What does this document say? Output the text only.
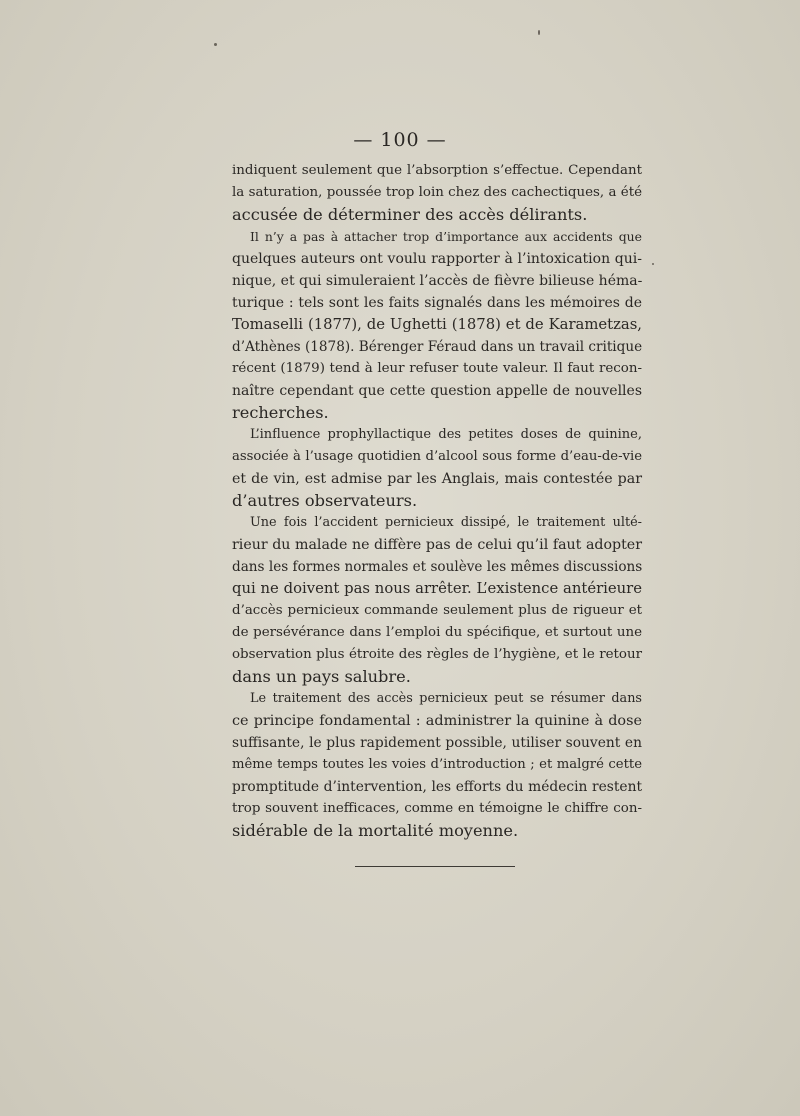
— 100 —
indiquent seulement que l’absorption s’effectue. Cependant
la saturation, poussée trop loin chez des cachectiques, a été
accusée de déterminer des accès délirants.
Il n’y a pas à attacher trop d’importance aux accidents que
quelques auteurs ont voulu rapporter à l’intoxication qui-
nique, et qui simuleraient l’accès de fièvre bilieuse héma-
turique : tels sont les faits signalés dans les mémoires de
Tomaselli (1877), de Ughetti (1878) et de Karametzas,
d’Athènes (1878). Bérenger Féraud dans un travail critique
récent (1879) tend à leur refuser toute valeur. Il faut recon-
naître cependant que cette question appelle de nouvelles
recherches.
L’influence prophyllactique des petites doses de quinine,
associée à l’usage quotidien d’alcool sous forme d’eau-de-vie
et de vin, est admise par les Anglais, mais contestée par
d’autres observateurs.
Une fois l’accident pernicieux dissipé, le traitement ulté-
rieur du malade ne diffère pas de celui qu’il faut adopter
dans les formes normales et soulève les mêmes discussions
qui ne doivent pas nous arrêter. L’existence antérieure
d’accès pernicieux commande seulement plus de rigueur et
de persévérance dans l’emploi du spécifique, et surtout une
observation plus étroite des règles de l’hygiène, et le retour
dans un pays salubre.
Le traitement des accès pernicieux peut se résumer dans
ce principe fondamental : administrer la quinine à dose
suffisante, le plus rapidement possible, utiliser souvent en
même temps toutes les voies d’introduction ; et malgré cette
promptitude d’intervention, les efforts du médecin restent
trop souvent inefficaces, comme en témoigne le chiffre con-
sidérable de la mortalité moyenne.
